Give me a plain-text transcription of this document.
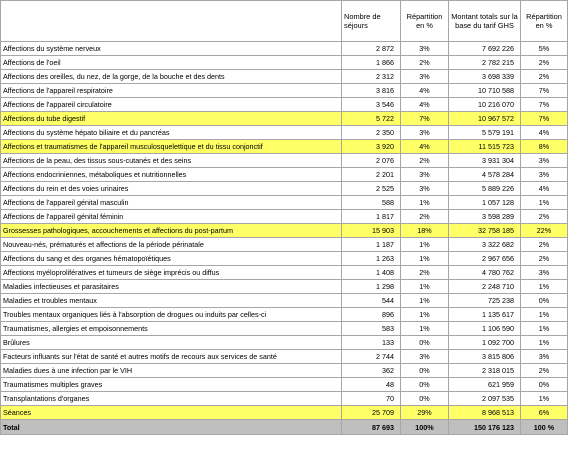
	Nombre de séjours	Répartition en %	Montant totals sur la base du tarif GHS	Répartition en %
Affections du système nerveux	2 872	3%	7 692 226	5%
Affections de l'oeil	1 866	2%	2 782 215	2%
Affections des oreilles, du nez, de la gorge, de la bouche et des dents	2 312	3%	3 698 339	2%
Affections de l'appareil respiratoire	3 816	4%	10 710 588	7%
Affections de l'appareil circulatoire	3 546	4%	10 216 070	7%
Affections du tube digestif	5 722	7%	10 967 572	7%
Affections du système hépato biliaire et du pancréas	2 350	3%	5 579 191	4%
Affections et traumatismes de l'appareil musculosquelettique et du tissu conjonctif	3 920	4%	11 515 723	8%
Affections de la peau, des tissus sous-cutanés et des seins	2 076	2%	3 931 304	3%
Affections endocriniennes, métaboliques et nutritionnelles	2 201	3%	4 578 284	3%
Affections du rein et des voies urinaires	2 525	3%	5 889 226	4%
Affections de l'appareil génital masculin	588	1%	1 057 128	1%
Affections de l'appareil génital féminin	1 817	2%	3 598 289	2%
Grossesses pathologiques, accouchements et affections du post-partum	15 903	18%	32 758 185	22%
Nouveau-nés, prématurés et affections de la période périnatale	1 187	1%	3 322 682	2%
Affections du sang et des organes hématopoïétiques	1 263	1%	2 967 656	2%
Affections myéloprolifératives et tumeurs de siège imprécis ou diffus	1 408	2%	4 780 762	3%
Maladies infectieuses et parasitaires	1 298	1%	2 248 710	1%
Maladies et troubles mentaux	544	1%	725 238	0%
Troubles mentaux organiques liés à l'absorption de drogues ou induits par celles-ci	896	1%	1 135 617	1%
Traumatismes, allergies et empoisonnements	583	1%	1 106 590	1%
Brûlures	133	0%	1 092 700	1%
Facteurs influants sur l'état de santé et autres motifs de recours aux services de santé	2 744	3%	3 815 806	3%
Maladies dues à une infection par le VIH	362	0%	2 318 015	2%
Traumatismes multiples graves	48	0%	621 959	0%
Transplantations d'organes	70	0%	2 097 535	1%
Séances	25 709	29%	8 968 513	6%
Total	87 693	100%	150 176 123	100 %
